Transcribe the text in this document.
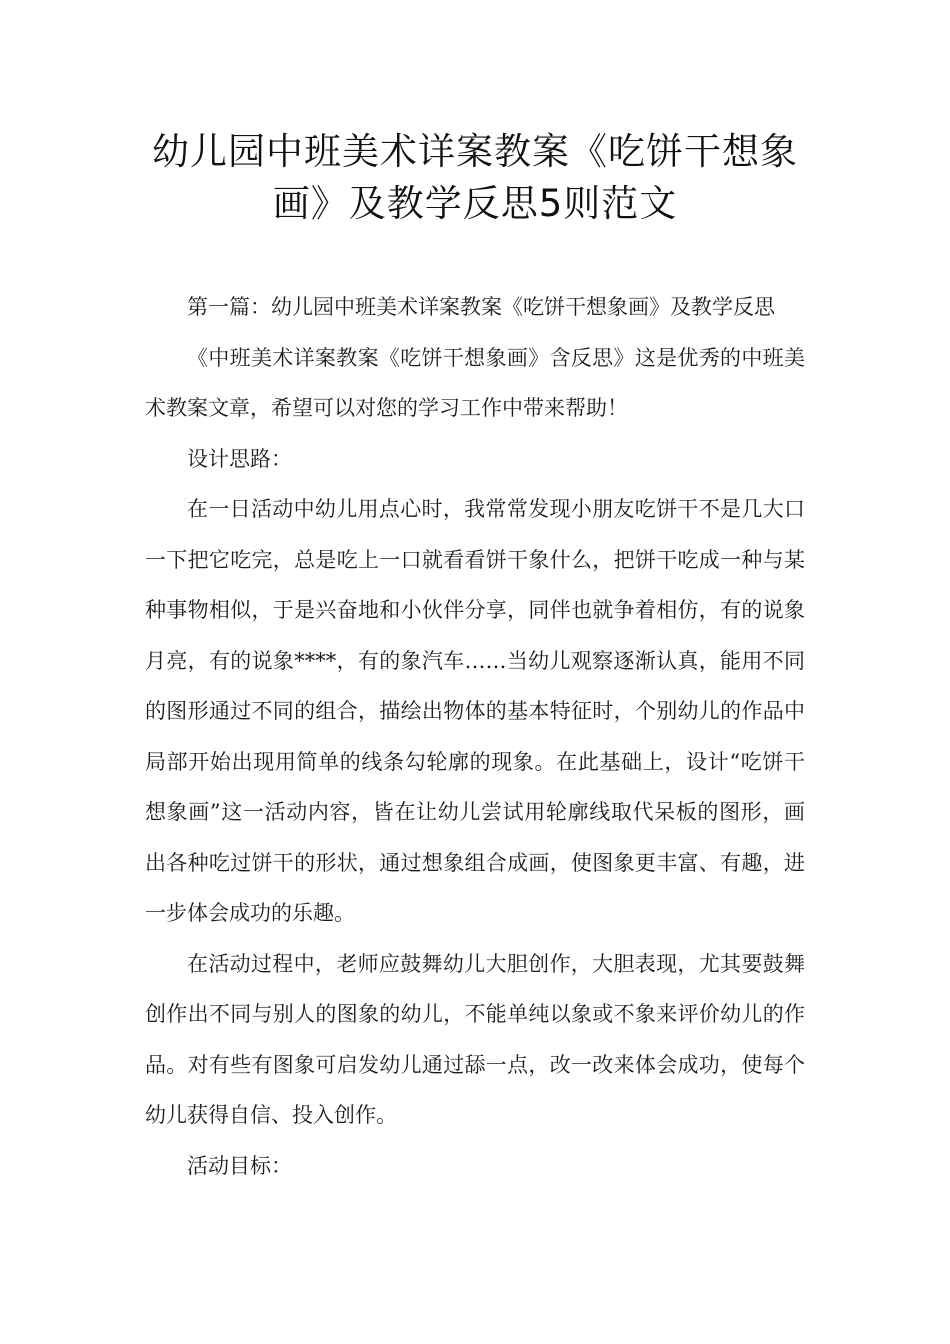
幼儿园中班美术详案教案《吃饼干想象
画》及教学反思5则范文

第一篇：幼儿园中班美术详案教案《吃饼干想象画》及教学反思

《中班美术详案教案《吃饼干想象画》含反思》这是优秀的中班美术教案文章，希望可以对您的学习工作中带来帮助！

设计思路：

在一日活动中幼儿用点心时，我常常发现小朋友吃饼干不是几大口一下把它吃完，总是吃上一口就看看饼干象什么，把饼干吃成一种与某种事物相似，于是兴奋地和小伙伴分享，同伴也就争着相仿，有的说象月亮，有的说象****，有的象汽车……当幼儿观察逐渐认真，能用不同的图形通过不同的组合，描绘出物体的基本特征时，个别幼儿的作品中局部开始出现用简单的线条勾轮廓的现象。在此基础上，设计“吃饼干想象画”这一活动内容，皆在让幼儿尝试用轮廓线取代呆板的图形，画出各种吃过饼干的形状，通过想象组合成画，使图象更丰富、有趣，进一步体会成功的乐趣。

在活动过程中，老师应鼓舞幼儿大胆创作，大胆表现，尤其要鼓舞创作出不同与别人的图象的幼儿，不能单纯以象或不象来评价幼儿的作品。对有些有图象可启发幼儿通过舔一点，改一改来体会成功，使每个幼儿获得自信、投入创作。

活动目标：
